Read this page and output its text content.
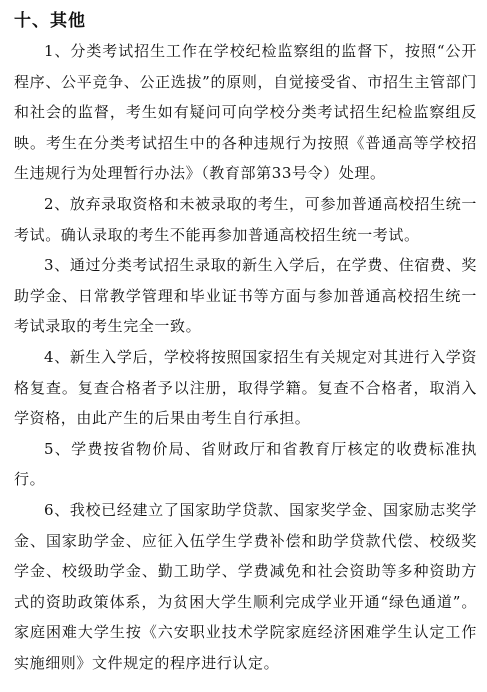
十、其他

1、分类考试招生工作在学校纪检监察组的监督下，按照“公开程序、公平竞争、公正选拔”的原则，自觉接受省、市招生主管部门和社会的监督，考生如有疑问可向学校分类考试招生纪检监察组反映。考生在分类考试招生中的各种违规行为按照《普通高等学校招生违规行为处理暂行办法》（教育部第33号令）处理。

2、放弃录取资格和未被录取的考生，可参加普通高校招生统一考试。确认录取的考生不能再参加普通高校招生统一考试。

3、通过分类考试招生录取的新生入学后，在学费、住宿费、奖助学金、日常教学管理和毕业证书等方面与参加普通高校招生统一考试录取的考生完全一致。

4、新生入学后，学校将按照国家招生有关规定对其进行入学资格复查。复查合格者予以注册，取得学籍。复查不合格者，取消入学资格，由此产生的后果由考生自行承担。

5、学费按省物价局、省财政厅和省教育厅核定的收费标准执行。

6、我校已经建立了国家助学贷款、国家奖学金、国家励志奖学金、国家助学金、应征入伍学生学费补偿和助学贷款代偿、校级奖学金、校级助学金、勤工助学、学费减免和社会资助等多种资助方式的资助政策体系，为贫困大学生顺利完成学业开通“绿色通道”。家庭困难大学生按《六安职业技术学院家庭经济困难学生认定工作实施细则》文件规定的程序进行认定。
